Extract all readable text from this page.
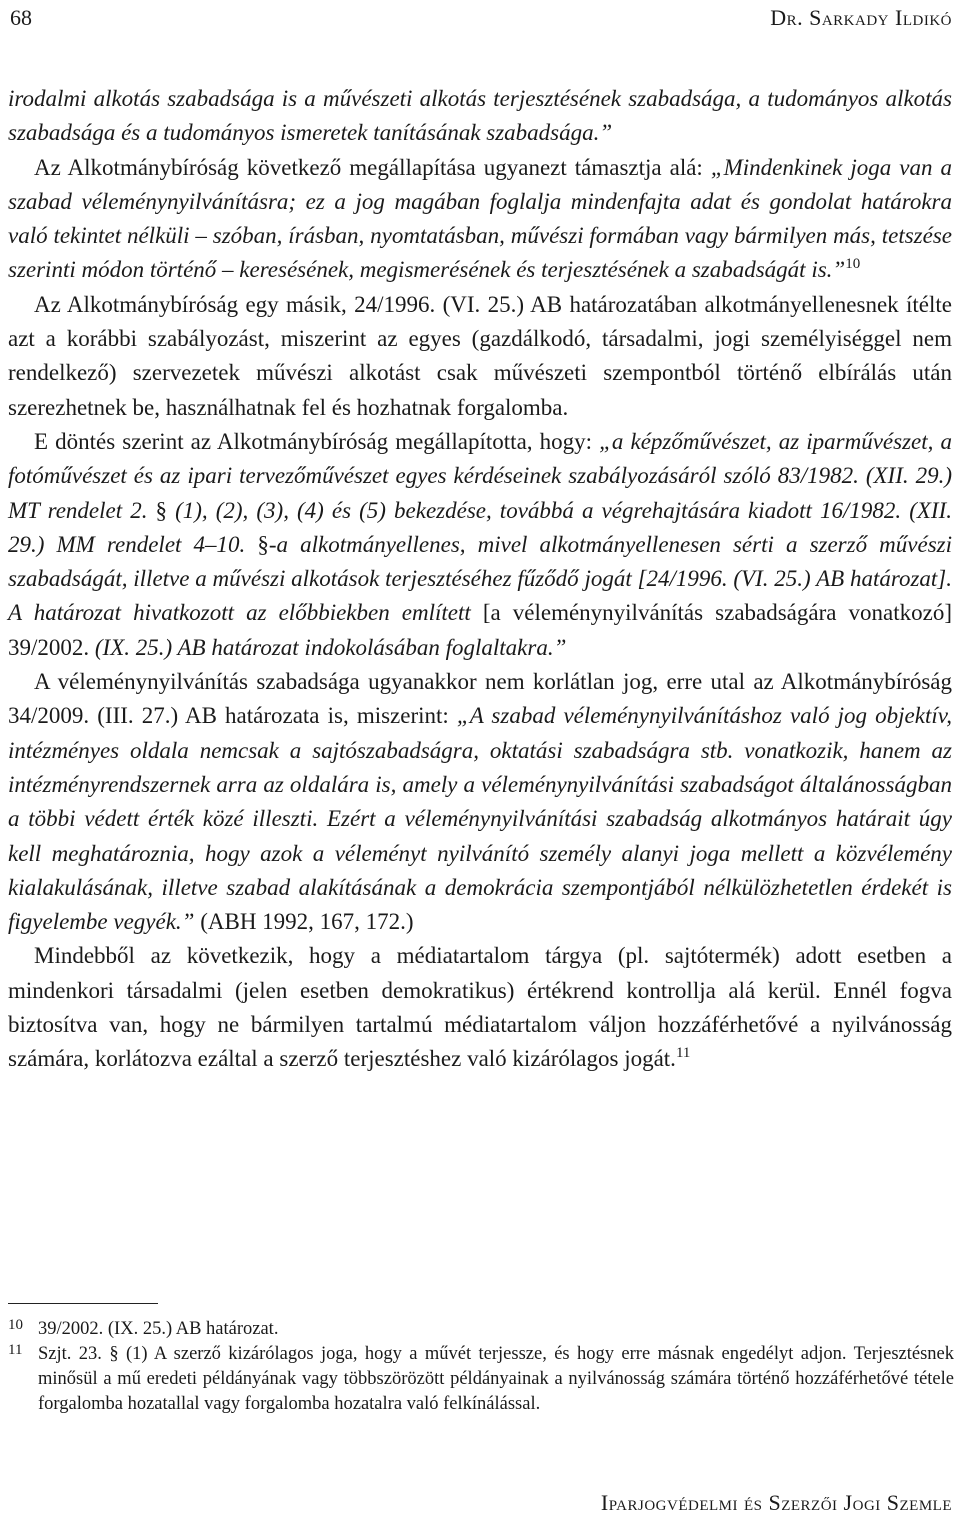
68	Dr. Sarkady Ildikó

irodalmi alkotás szabadsága is a művészeti alkotás terjesztésének szabadsága, a tudományos alkotás szabadsága és a tudományos ismeretek tanításának szabadsága.”

Az Alkotmánybíróság következő megállapítása ugyanezt támasztja alá: „Mindenkinek joga van a szabad véleménynyilvánításra; ez a jog magában foglalja mindenfajta adat és gondolat határokra való tekintet nélküli – szóban, írásban, nyomtatásban, művészi formában vagy bármilyen más, tetszése szerinti módon történő – keresésének, megismerésének és terjesztésének a szabadságát is.”$^{10}$

Az Alkotmánybíróság egy másik, 24/1996. (VI. 25.) AB határozatában alkotmányellenesnek ítélte azt a korábbi szabályozást, miszerint az egyes (gazdálkodó, társadalmi, jogi személyiséggel nem rendelkező) szervezetek művészi alkotást csak művészeti szempontból történő elbírálás után szerezhetnek be, használhatnak fel és hozhatnak forgalomba.

E döntés szerint az Alkotmánybíróság megállapította, hogy: „a képzőművészet, az iparművészet, a fotóművészet és az ipari tervezőművészet egyes kérdéseinek szabályozásáról szóló 83/1982. (XII. 29.) MT rendelet 2. § (1), (2), (3), (4) és (5) bekezdése, továbbá a végrehajtására kiadott 16/1982. (XII. 29.) MM rendelet 4–10. §-a alkotmányellenes, mivel alkotmányellenesen sérti a szerző művészi szabadságát, illetve a művészi alkotások terjesztéséhez fűződő jogát [24/1996. (VI. 25.) AB határozat]. A határozat hivatkozott az előbbiekben említett [a véleménynyilvánítás szabadságára vonatkozó] 39/2002. (IX. 25.) AB határozat indokolásában foglaltakra.”

A véleménynyilvánítás szabadsága ugyanakkor nem korlátlan jog, erre utal az Alkotmánybíróság 34/2009. (III. 27.) AB határozata is, miszerint: „A szabad véleménynyilvánításhoz való jog objektív, intézményes oldala nemcsak a sajtószabadságra, oktatási szabadságra stb. vonatkozik, hanem az intézményrendszernek arra az oldalára is, amely a véleménynyilvánítási szabadságot általánosságban a többi védett érték közé illeszti. Ezért a véleménynyilvánítási szabadság alkotmányos határait úgy kell meghatároznia, hogy azok a véleményt nyilvánító személy alanyi joga mellett a közvélemény kialakulásának, illetve szabad alakításának a demokrácia szempontjából nélkülözhetetlen érdekét is figyelembe vegyék.” (ABH 1992, 167, 172.)

Mindebből az következik, hogy a médiatartalom tárgya (pl. sajtótermék) adott esetben a mindenkori társadalmi (jelen esetben demokratikus) értékrend kontrollja alá kerül. Ennél fogva biztosítva van, hogy ne bármilyen tartalmú médiatartalom váljon hozzáférhetővé a nyilvánosság számára, korlátozva ezáltal a szerző terjesztéshez való kizárólagos jogát.$^{11}$

10 39/2002. (IX. 25.) AB határozat.
11 Szjt. 23. § (1) A szerző kizárólagos joga, hogy a művét terjessze, és hogy erre másnak engedélyt adjon. Terjesztésnek minősül a mű eredeti példányának vagy többszörözött példányainak a nyilvánosság számára történő hozzáférhetővé tétele forgalomba hozatallal vagy forgalomba hozatalra való felkínálással.
Iparjogvédelmi és Szerzői Jogi Szemle
